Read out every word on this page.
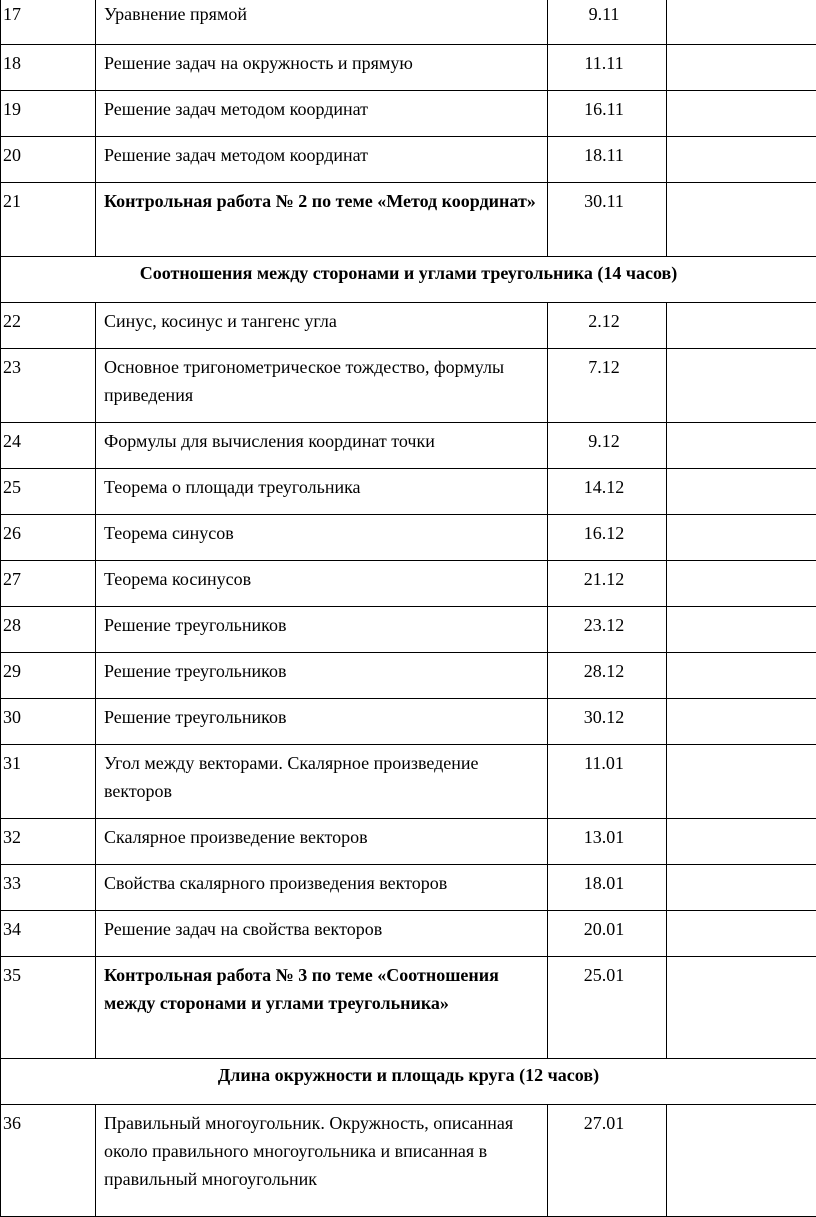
17	Уравнение прямой	9.11	
18	Решение задач на окружность и прямую	11.11	
19	Решение задач методом координат	16.11	
20	Решение задач методом координат	18.11	
21	Контрольная работа № 2 по теме «Метод координат»	30.11	
Соотношения между сторонами и углами треугольника (14 часов)			
22	Синус, косинус и тангенс угла	2.12	
23	Основное тригонометрическое тождество, формулы приведения	7.12	
24	Формулы для вычисления координат точки	9.12	
25	Теорема о площади треугольника	14.12	
26	Теорема синусов	16.12	
27	Теорема косинусов	21.12	
28	Решение треугольников	23.12	
29	Решение треугольников	28.12	
30	Решение треугольников	30.12	
31	Угол между векторами. Скалярное произведение векторов	11.01	
32	Скалярное произведение векторов	13.01	
33	Свойства скалярного произведения векторов	18.01	
34	Решение задач на свойства векторов	20.01	
35	Контрольная работа № 3 по теме «Соотношения между сторонами и углами треугольника»	25.01	
Длина окружности и площадь круга (12 часов)			
36	Правильный многоугольник. Окружность, описанная около правильного многоугольника и вписанная в правильный многоугольник	27.01	
